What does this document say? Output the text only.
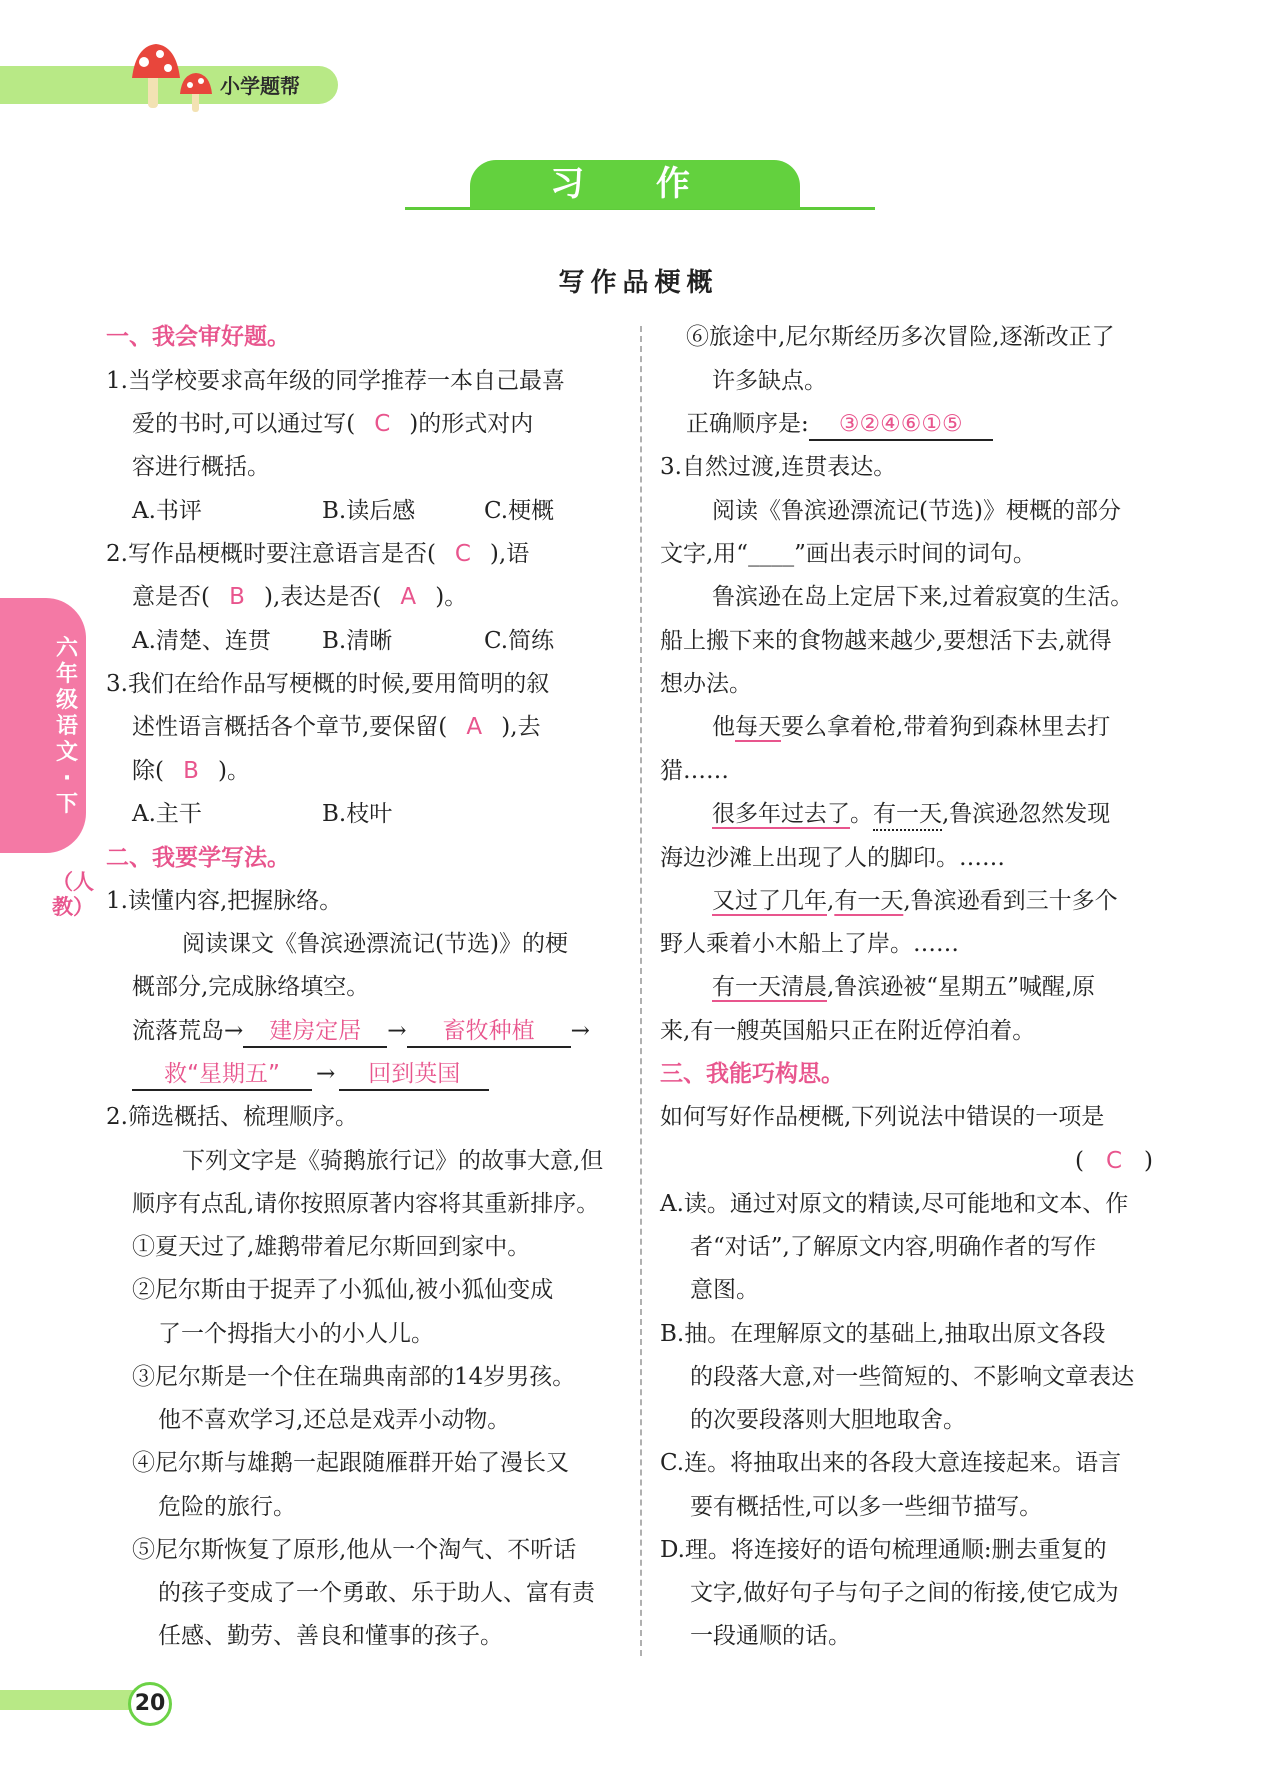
小学题帮
习 作
写作品梗概
六年级语文·下
（人教）
一、我会审好题。
1.当学校要求高年级的同学推荐一本自己最喜
爱的书时,可以通过写( C )的形式对内
容进行概括。
A.书评	B.读后感	C.梗概
2.写作品梗概时要注意语言是否( C ),语
意是否( B ),表达是否( A )。
A.清楚、连贯 B.清晰	C.简练
3.我们在给作品写梗概的时候,要用简明的叙
述性语言概括各个章节,要保留( A ),去
除( B )。
A.主干	B.枝叶
二、我要学写法。
1.读懂内容,把握脉络。
阅读课文《鲁滨逊漂流记(节选)》的梗
概部分,完成脉络填空。
流落荒岛→ 建房定居 → 畜牧种植 →
救“星期五” → 回到英国
2.筛选概括、梳理顺序。
下列文字是《骑鹅旅行记》的故事大意,但
顺序有点乱,请你按照原著内容将其重新排序。
①夏天过了,雄鹅带着尼尔斯回到家中。
②尼尔斯由于捉弄了小狐仙,被小狐仙变成
了一个拇指大小的小人儿。
③尼尔斯是一个住在瑞典南部的14岁男孩。
他不喜欢学习,还总是戏弄小动物。
④尼尔斯与雄鹅一起跟随雁群开始了漫长又
危险的旅行。
⑤尼尔斯恢复了原形,他从一个淘气、不听话
的孩子变成了一个勇敢、乐于助人、富有责
任感、勤劳、善良和懂事的孩子。
⑥旅途中,尼尔斯经历多次冒险,逐渐改正了
许多缺点。
正确顺序是: ③②④⑥①⑤
3.自然过渡,连贯表达。
阅读《鲁滨逊漂流记(节选)》梗概的部分
文字,用“____”画出表示时间的词句。
鲁滨逊在岛上定居下来,过着寂寞的生活。
船上搬下来的食物越来越少,要想活下去,就得
想办法。
他每天要么拿着枪,带着狗到森林里去打
猎……
很多年过去了。有一天,鲁滨逊忽然发现
海边沙滩上出现了人的脚印。……
又过了几年,有一天,鲁滨逊看到三十多个
野人乘着小木船上了岸。……
有一天清晨,鲁滨逊被“星期五”喊醒,原
来,有一艘英国船只正在附近停泊着。
三、我能巧构思。
如何写好作品梗概,下列说法中错误的一项是
( C )
A.读。通过对原文的精读,尽可能地和文本、作
者“对话”,了解原文内容,明确作者的写作
意图。
B.抽。在理解原文的基础上,抽取出原文各段
的段落大意,对一些简短的、不影响文章表达
的次要段落则大胆地取舍。
C.连。将抽取出来的各段大意连接起来。语言
要有概括性,可以多一些细节描写。
D.理。将连接好的语句梳理通顺:删去重复的
文字,做好句子与句子之间的衔接,使它成为
一段通顺的话。
20
